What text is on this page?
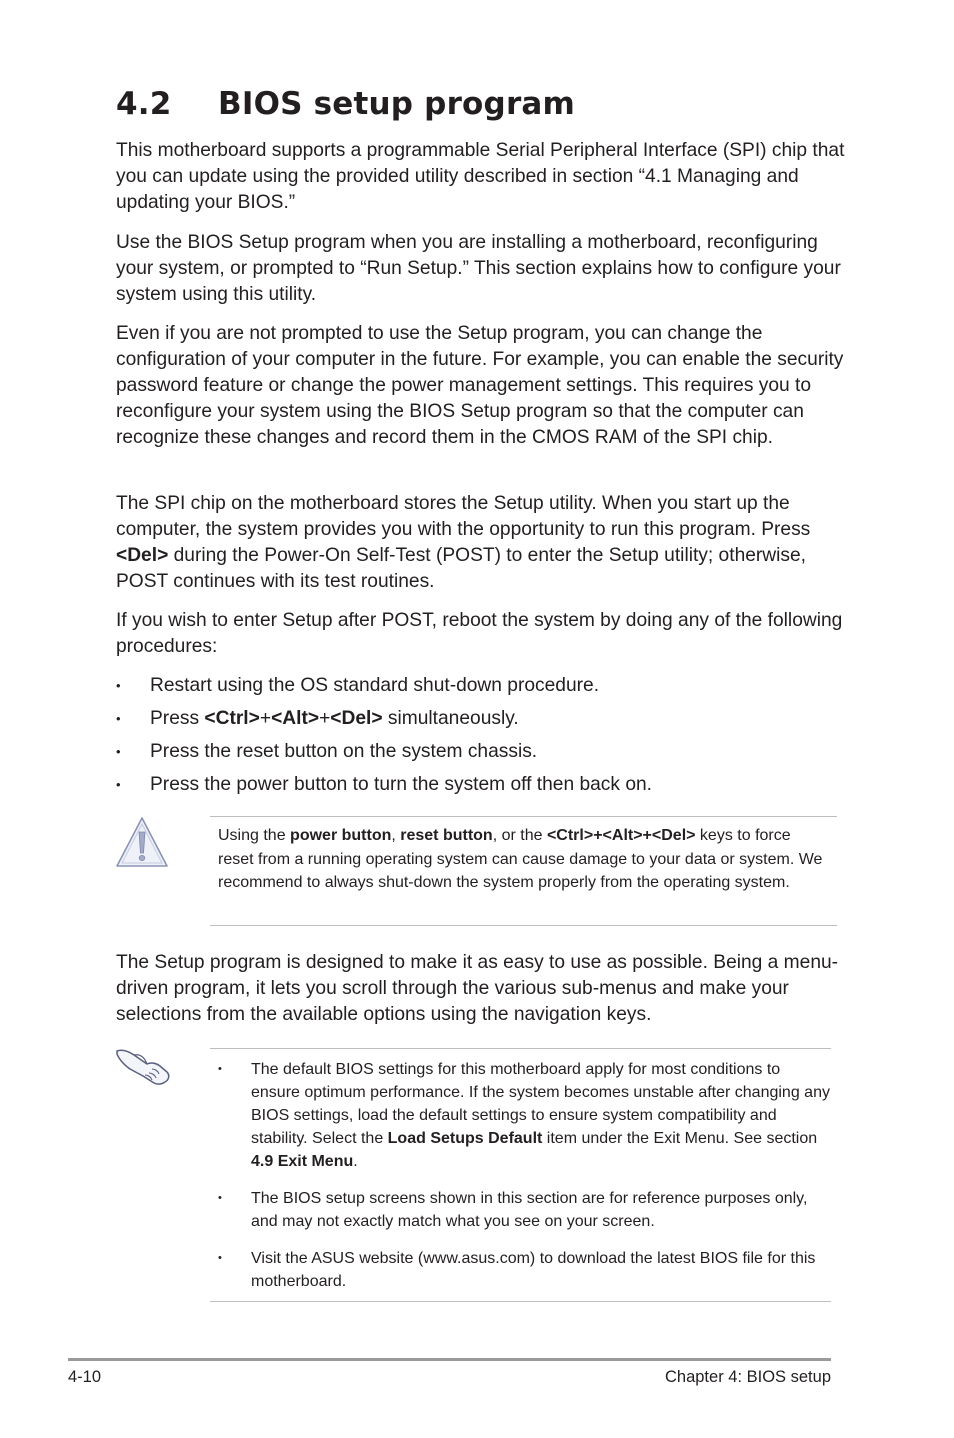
4.2 BIOS setup program

This motherboard supports a programmable Serial Peripheral Interface (SPI) chip that you can update using the provided utility described in section “4.1 Managing and updating your BIOS.”

Use the BIOS Setup program when you are installing a motherboard, reconfiguring your system, or prompted to “Run Setup.” This section explains how to configure your system using this utility.

Even if you are not prompted to use the Setup program, you can change the configuration of your computer in the future. For example, you can enable the security password feature or change the power management settings. This requires you to reconfigure your system using the BIOS Setup program so that the computer can recognize these changes and record them in the CMOS RAM of the SPI chip.

The SPI chip on the motherboard stores the Setup utility. When you start up the computer, the system provides you with the opportunity to run this program. Press <Del> during the Power-On Self-Test (POST) to enter the Setup utility; otherwise, POST continues with its test routines.

If you wish to enter Setup after POST, reboot the system by doing any of the following procedures:

• Restart using the OS standard shut-down procedure.
• Press <Ctrl>+<Alt>+<Del> simultaneously.
• Press the reset button on the system chassis.
• Press the power button to turn the system off then back on.

Using the power button, reset button, or the <Ctrl>+<Alt>+<Del> keys to force reset from a running operating system can cause damage to your data or system. We recommend to always shut-down the system properly from the operating system.

The Setup program is designed to make it as easy to use as possible. Being a menu-driven program, it lets you scroll through the various sub-menus and make your selections from the available options using the navigation keys.

• The default BIOS settings for this motherboard apply for most conditions to ensure optimum performance. If the system becomes unstable after changing any BIOS settings, load the default settings to ensure system compatibility and stability. Select the Load Setups Default item under the Exit Menu. See section 4.9 Exit Menu.
• The BIOS setup screens shown in this section are for reference purposes only, and may not exactly match what you see on your screen.
• Visit the ASUS website (www.asus.com) to download the latest BIOS file for this motherboard.
4-10	Chapter 4: BIOS setup
